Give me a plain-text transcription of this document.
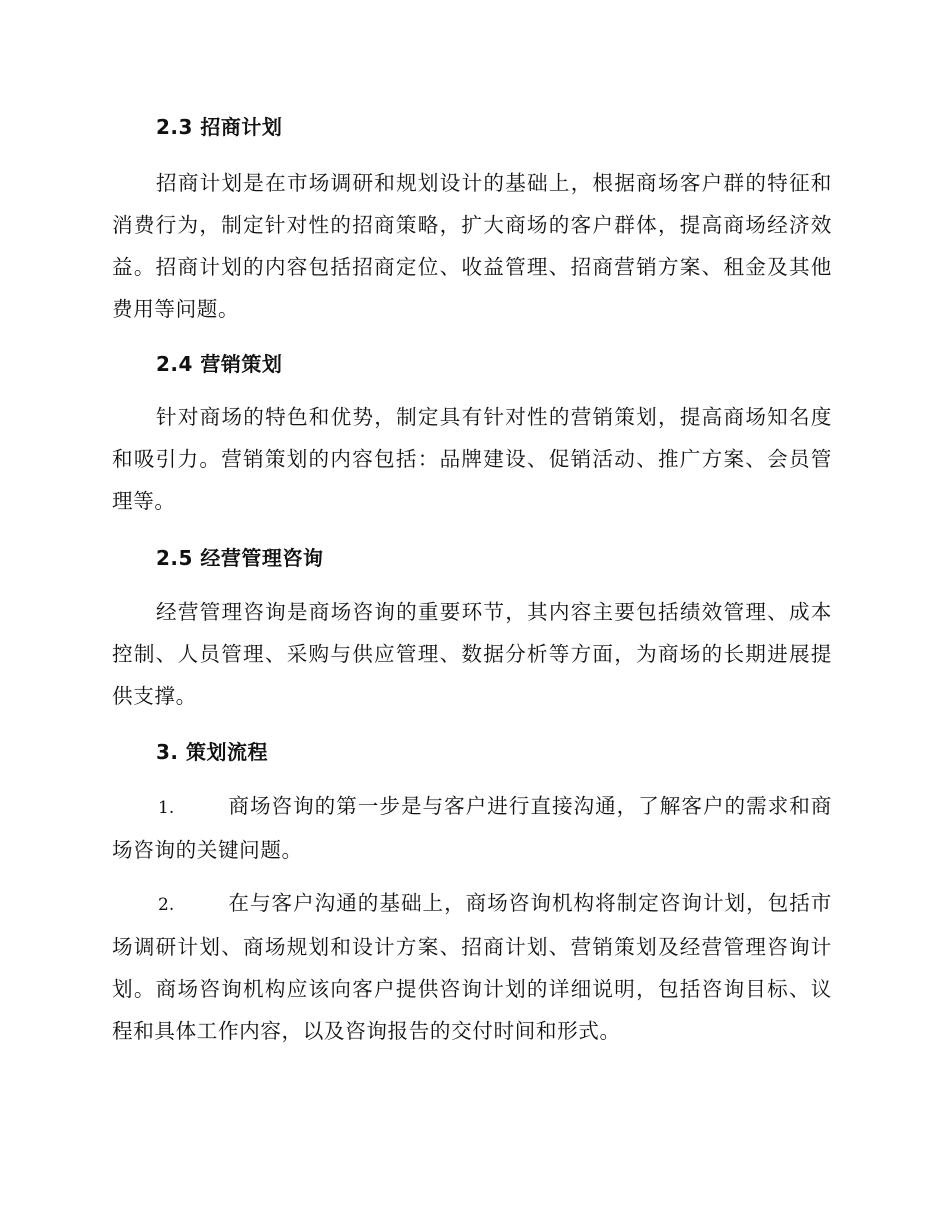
2.3 招商计划
招商计划是在市场调研和规划设计的基础上，根据商场客户群的特征和消费行为，制定针对性的招商策略，扩大商场的客户群体，提高商场经济效益。招商计划的内容包括招商定位、收益管理、招商营销方案、租金及其他费用等问题。
2.4 营销策划
针对商场的特色和优势，制定具有针对性的营销策划，提高商场知名度和吸引力。营销策划的内容包括：品牌建设、促销活动、推广方案、会员管理等。
2.5 经营管理咨询
经营管理咨询是商场咨询的重要环节，其内容主要包括绩效管理、成本控制、人员管理、采购与供应管理、数据分析等方面，为商场的长期进展提供支撑。
3. 策划流程
1.	商场咨询的第一步是与客户进行直接沟通，了解客户的需求和商场咨询的关键问题。
2.	在与客户沟通的基础上，商场咨询机构将制定咨询计划，包括市场调研计划、商场规划和设计方案、招商计划、营销策划及经营管理咨询计划。商场咨询机构应该向客户提供咨询计划的详细说明，包括咨询目标、议程和具体工作内容，以及咨询报告的交付时间和形式。
